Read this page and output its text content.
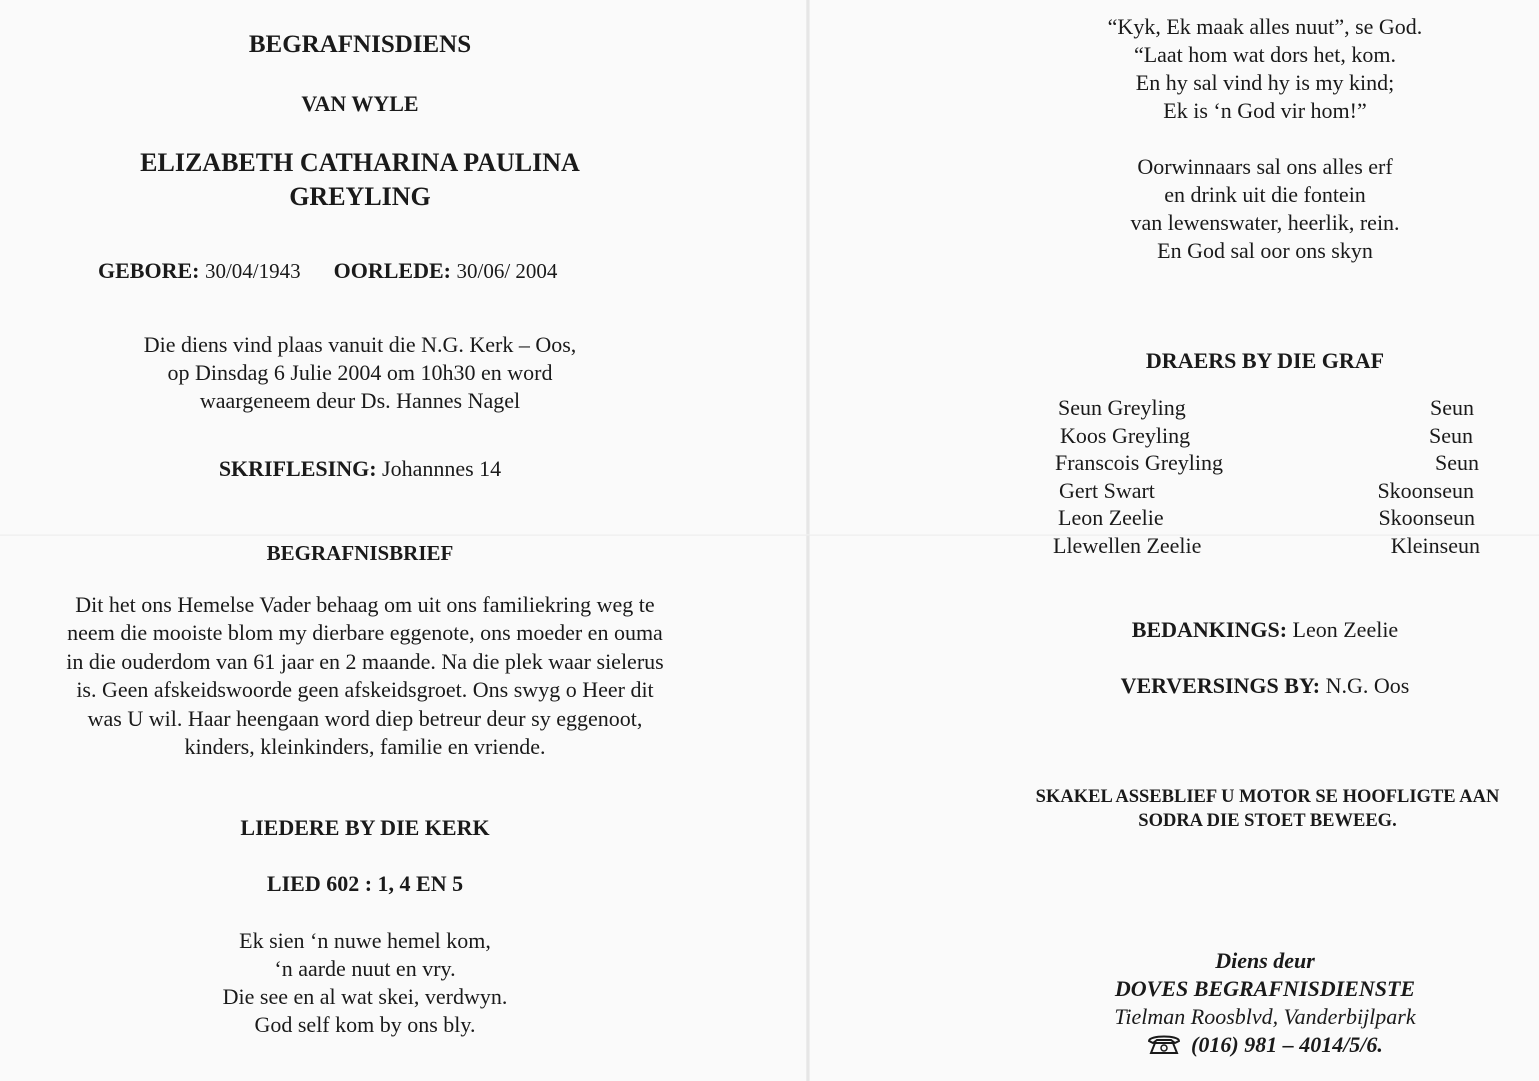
BEGRAFNISDIENS
VAN WYLE
ELIZABETH CATHARINA PAULINA
GREYLING
GEBORE: 30/04/1943 OORLEDE: 30/06/ 2004
Die diens vind plaas vanuit die N.G. Kerk – Oos,
op Dinsdag 6 Julie 2004 om 10h30 en word
waargeneem deur Ds. Hannes Nagel
SKRIFLESING: Johannnes 14
BEGRAFNISBRIEF
Dit het ons Hemelse Vader behaag om uit ons familiekring weg te
neem die mooiste blom my dierbare eggenote, ons moeder en ouma
in die ouderdom van 61 jaar en 2 maande. Na die plek waar sielerus
is. Geen afskeidswoorde geen afskeidsgroet. Ons swyg o Heer dit
was U wil. Haar heengaan word diep betreur deur sy eggenoot,
kinders, kleinkinders, familie en vriende.
LIEDERE BY DIE KERK
LIED 602 : 1, 4 EN 5
Ek sien ‘n nuwe hemel kom,
‘n aarde nuut en vry.
Die see en al wat skei, verdwyn.
God self kom by ons bly.
“Kyk, Ek maak alles nuut”, se God.
“Laat hom wat dors het, kom.
En hy sal vind hy is my kind;
Ek is ‘n God vir hom!”
Oorwinnaars sal ons alles erf
en drink uit die fontein
van lewenswater, heerlik, rein.
En God sal oor ons skyn
DRAERS BY DIE GRAF
Seun Greyling	Seun
Koos Greyling	Seun
Franscois Greyling	Seun
Gert Swart	Skoonseun
Leon Zeelie	Skoonseun
Llewellen Zeelie	Kleinseun
BEDANKINGS: Leon Zeelie
VERVERSINGS BY: N.G. Oos
SKAKEL ASSEBLIEF U MOTOR SE HOOFLIGTE AAN
SODRA DIE STOET BEWEEG.
Diens deur
DOVES BEGRAFNISDIENSTE
Tielman Roosblvd, Vanderbijlpark
(016) 981 – 4014/5/6.
